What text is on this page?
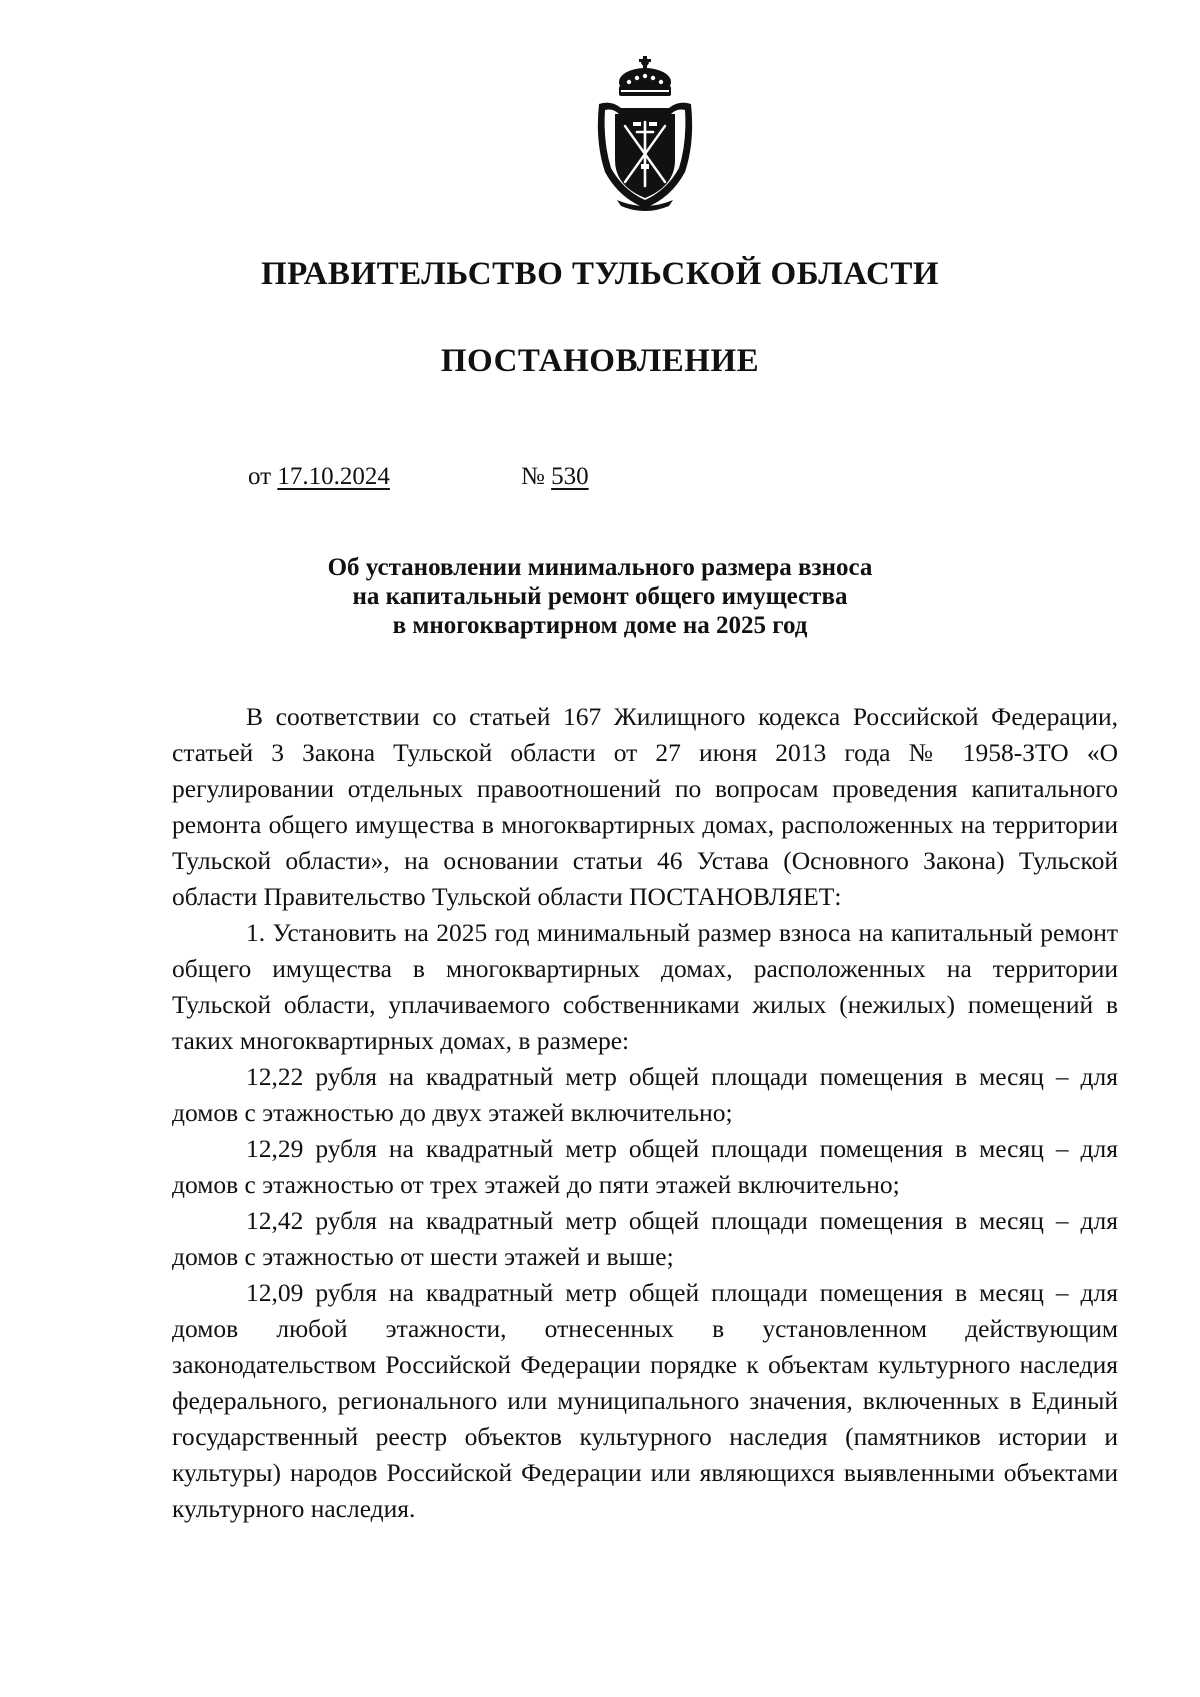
ПРАВИТЕЛЬСТВО ТУЛЬСКОЙ ОБЛАСТИ
ПОСТАНОВЛЕНИЕ
от 17.10.2024	№ 530
Об установлении минимального размера взноса
на капитальный ремонт общего имущества
в многоквартирном доме на 2025 год

В соответствии со статьей 167 Жилищного кодекса Российской Федерации, статьей 3 Закона Тульской области от 27 июня 2013 года № 1958-ЗТО «О регулировании отдельных правоотношений по вопросам проведения капитального ремонта общего имущества в многоквартирных домах, расположенных на территории Тульской области», на основании статьи 46 Устава (Основного Закона) Тульской области Правительство Тульской области ПОСТАНОВЛЯЕТ:

1. Установить на 2025 год минимальный размер взноса на капитальный ремонт общего имущества в многоквартирных домах, расположенных на территории Тульской области, уплачиваемого собственниками жилых (нежилых) помещений в таких многоквартирных домах, в размере:

12,22 рубля на квадратный метр общей площади помещения в месяц – для домов с этажностью до двух этажей включительно;

12,29 рубля на квадратный метр общей площади помещения в месяц – для домов с этажностью от трех этажей до пяти этажей включительно;

12,42 рубля на квадратный метр общей площади помещения в месяц – для домов с этажностью от шести этажей и выше;

12,09 рубля на квадратный метр общей площади помещения в месяц – для домов любой этажности, отнесенных в установленном действующим законодательством Российской Федерации порядке к объектам культурного наследия федерального, регионального или муниципального значения, включенных в Единый государственный реестр объектов культурного наследия (памятников истории и культуры) народов Российской Федерации или являющихся выявленными объектами культурного наследия.
